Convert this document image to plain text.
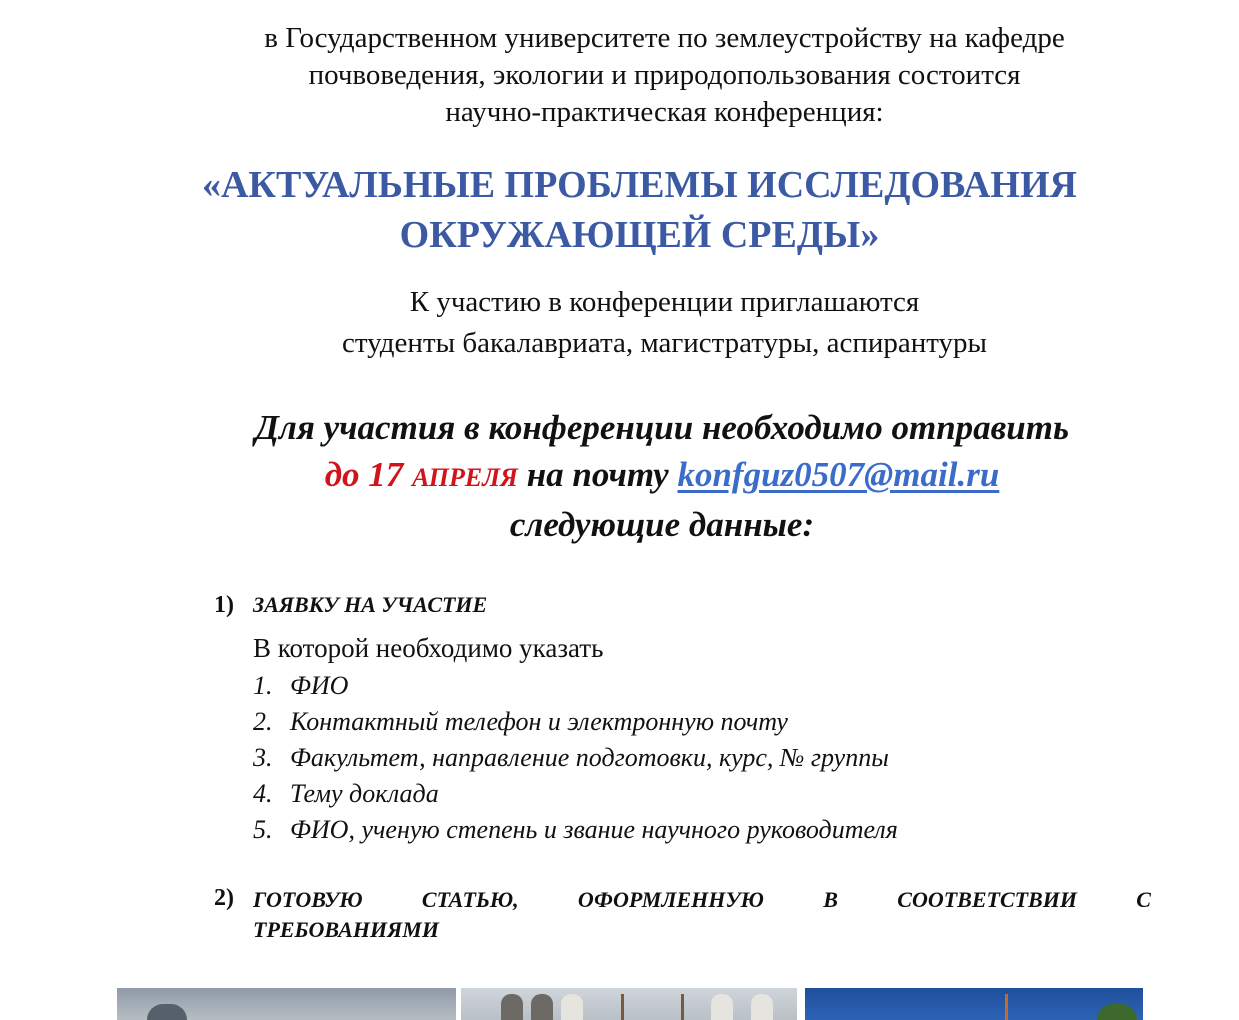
в Государственном университете по землеустройству на кафедре
почвоведения, экологии и природопользования состоится
научно-практическая конференция:
«АКТУАЛЬНЫЕ ПРОБЛЕМЫ ИССЛЕДОВАНИЯ
ОКРУЖАЮЩЕЙ СРЕДЫ»
К участию в конференции приглашаются
студенты бакалавриата, магистратуры, аспирантуры
Для участия в конференции необходимо отправить
до 17 АПРЕЛЯ на почту konfguz0507@mail.ru
следующие данные:
1) ЗАЯВКУ НА УЧАСТИЕ
В которой необходимо указать
1. ФИО
2. Контактный телефон и электронную почту
3. Факультет, направление подготовки, курс, № группы
4. Тему доклада
5. ФИО, ученую степень и звание научного руководителя
2) ГОТОВУЮ	СТАТЬЮ,	ОФОРМЛЕННУЮ	В	СООТВЕТСТВИИ	С
ТРЕБОВАНИЯМИ
